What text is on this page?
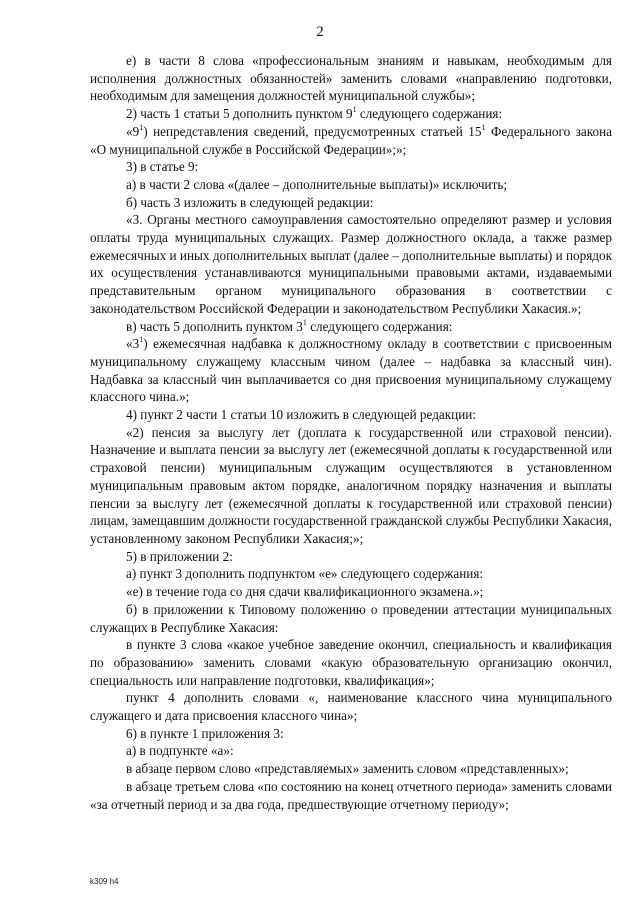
2

е) в части 8 слова «профессиональным знаниям и навыкам, необходимым для исполнения должностных обязанностей» заменить словами «направлению подготовки, необходимым для замещения должностей муниципальной службы»;

2) часть 1 статьи 5 дополнить пунктом $9^1$ следующего содержания:

«$9^1$) непредставления сведений, предусмотренных статьей $15^1$ Федерального закона «О муниципальной службе в Российской Федерации»;»;

3) в статье 9:

а) в части 2 слова «(далее – дополнительные выплаты)» исключить;

б) часть 3 изложить в следующей редакции:

«3. Органы местного самоуправления самостоятельно определяют размер и условия оплаты труда муниципальных служащих. Размер должностного оклада, а также размер ежемесячных и иных дополнительных выплат (далее – дополнительные выплаты) и порядок их осуществления устанавливаются муниципальными правовыми актами, издаваемыми представительным органом муниципального образования в соответствии с законодательством Российской Федерации и законодательством Республики Хакасия.»;

в) часть 5 дополнить пунктом $3^1$ следующего содержания:

«$3^1$) ежемесячная надбавка к должностному окладу в соответствии с присвоенным муниципальному служащему классным чином (далее – надбавка за классный чин). Надбавка за классный чин выплачивается со дня присвоения муниципальному служащему классного чина.»;

4) пункт 2 части 1 статьи 10 изложить в следующей редакции:

«2) пенсия за выслугу лет (доплата к государственной или страховой пенсии). Назначение и выплата пенсии за выслугу лет (ежемесячной доплаты к государственной или страховой пенсии) муниципальным служащим осуществляются в установленном муниципальным правовым актом порядке, аналогичном порядку назначения и выплаты пенсии за выслугу лет (ежемесячной доплаты к государственной или страховой пенсии) лицам, замещавшим должности государственной гражданской службы Республики Хакасия, установленному законом Республики Хакасия;»;

5) в приложении 2:

а) пункт 3 дополнить подпунктом «е» следующего содержания:

«е) в течение года со дня сдачи квалификационного экзамена.»;

б) в приложении к Типовому положению о проведении аттестации муниципальных служащих в Республике Хакасия:

в пункте 3 слова «какое учебное заведение окончил, специальность и квалификация по образованию» заменить словами «какую образовательную организацию окончил, специальность или направление подготовки, квалификация»;

пункт 4 дополнить словами «, наименование классного чина муниципального служащего и дата присвоения классного чина»;

6) в пункте 1 приложения 3:

а) в подпункте «а»:

в абзаце первом слово «представляемых» заменить словом «представленных»;

в абзаце третьем слова «по состоянию на конец отчетного периода» заменить словами «за отчетный период и за два года, предшествующие отчетному периоду»;

k309 h4
